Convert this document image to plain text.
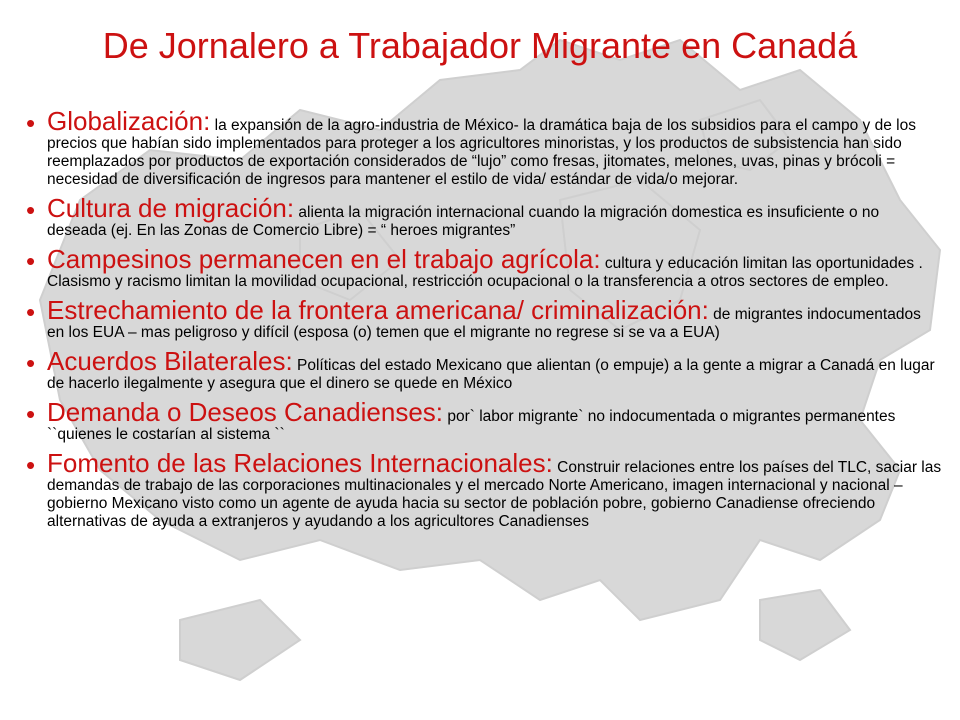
De Jornalero a Trabajador Migrante en Canadá
• Globalización: la expansión de la agro-industria de México- la dramática baja de los subsidios para el campo y de los precios que habían sido implementados para proteger a los agricultores minoristas, y los productos de subsistencia han sido reemplazados por productos de exportación considerados de “lujo” como fresas, jitomates, melones, uvas, pinas y brócoli = necesidad de diversificación de ingresos para mantener el estilo de vida/ estándar de vida/o mejorar.
• Cultura de migración: alienta la migración internacional cuando la migración domestica es insuficiente o no deseada (ej. En las Zonas de Comercio Libre) = “ heroes migrantes”
• Campesinos permanecen en el trabajo agrícola: cultura y educación limitan las oportunidades . Clasismo y racismo limitan la movilidad ocupacional, restricción ocupacional o la transferencia a otros sectores de empleo.
• Estrechamiento de la frontera americana/ criminalización: de migrantes indocumentados en los EUA – mas peligroso y difícil (esposa (o) temen que el migrante no regrese si se va a EUA)
• Acuerdos Bilaterales: Políticas del estado Mexicano que alientan (o empuje) a la gente a migrar a Canadá en lugar de hacerlo ilegalmente y asegura que el dinero se quede en México
• Demanda o Deseos Canadienses: por` labor migrante` no indocumentada o migrantes permanentes ``quienes le costarían al sistema ``
• Fomento de las Relaciones Internacionales: Construir relaciones entre los países del TLC, saciar las demandas de trabajo de las corporaciones multinacionales y el mercado Norte Americano, imagen internacional y nacional – gobierno Mexicano visto como un agente de ayuda hacia su sector de población pobre, gobierno Canadiense ofreciendo alternativas de ayuda a extranjeros y ayudando a los agricultores Canadienses
